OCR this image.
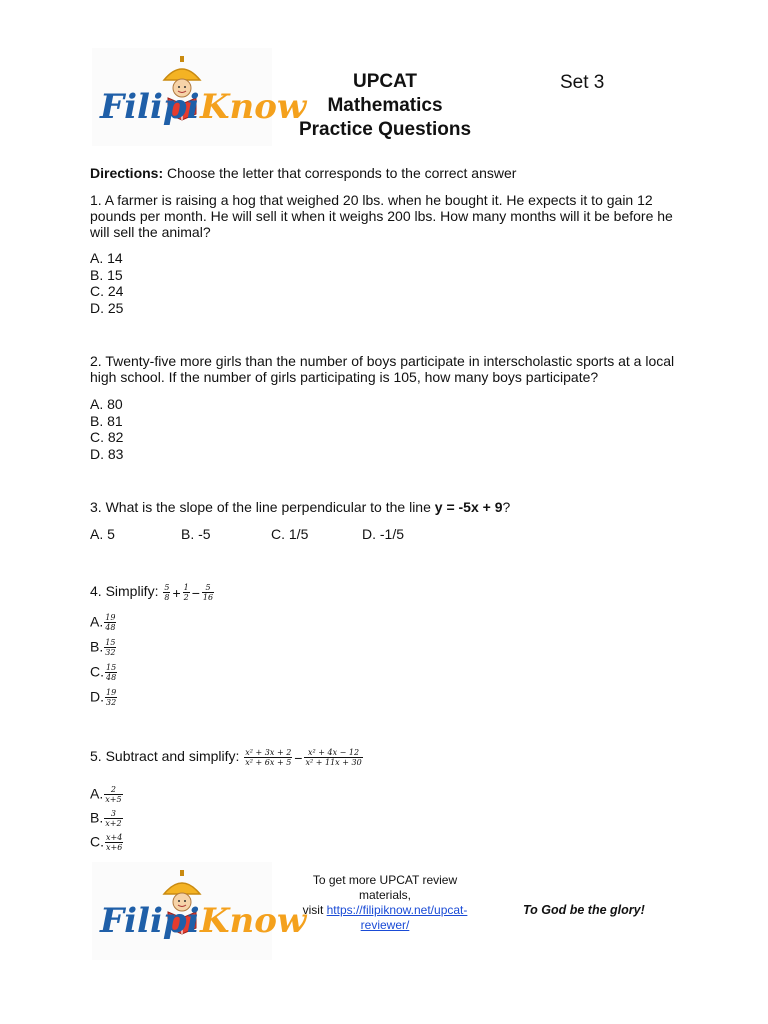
Filipi Know
UPCAT
Mathematics
Practice Questions
Set 3
Directions: Choose the letter that corresponds to the correct answer
1. A farmer is raising a hog that weighed 20 lbs. when he bought it. He expects it to gain 12
pounds per month. He will sell it when it weighs 200 lbs. How many months will it be before he
will sell the animal?
A. 14
B. 15
C. 24
D. 25
2. Twenty-five more girls than the number of boys participate in interscholastic sports at a local
high school. If the number of girls participating is 105, how many boys participate?
A. 80
B. 81
C. 82
D. 83
3. What is the slope of the line perpendicular to the line y = -5x + 9?
A. 5	B. -5	C. 1/5	D. -1/5
4. Simplify: $\frac{5}{8} + \frac{1}{2} - \frac{5}{16}$
A. $\frac{19}{48}$
B. $\frac{15}{32}$
C. $\frac{15}{48}$
D. $\frac{19}{32}$
5. Subtract and simplify: $\frac{\text{x² + 3x + 2}}{\text{x² + 6x + 5}} - \frac{\text{x² + 4x − 12}}{\text{x² + 11x + 30}}$
A. $\frac{2}{x+5}$
B. $\frac{3}{x+2}$
C. $\frac{x+4}{x+6}$
Filipi Know
To get more UPCAT review
materials,
visit https://filipiknow.net/upcat-
reviewer/
To God be the glory!
